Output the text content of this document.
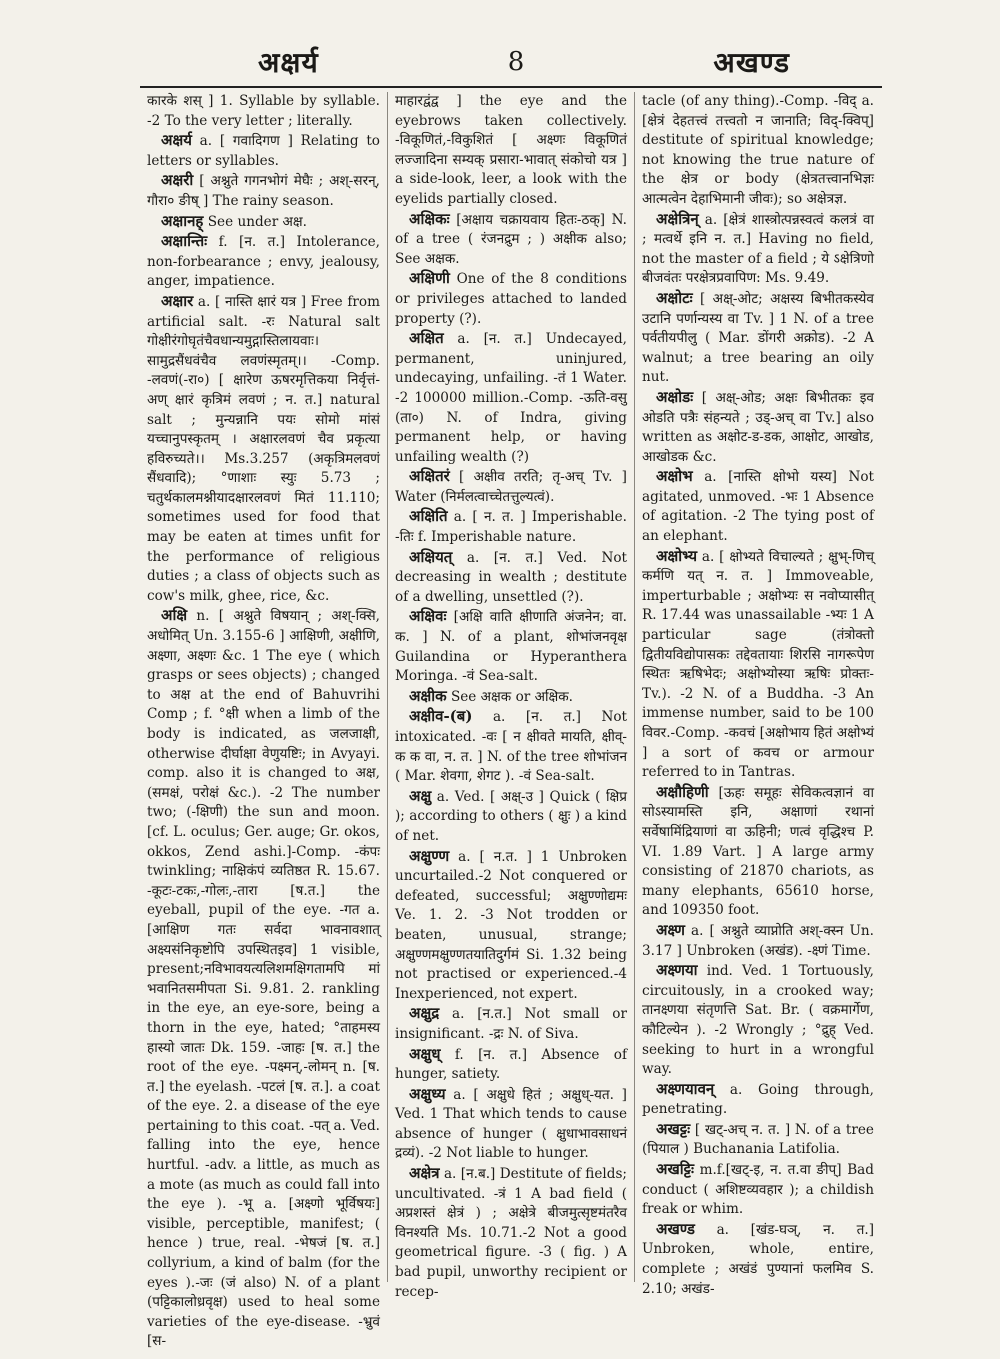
अक्षर्य	8	अखण्ड

कारके शस् ] 1. Syllable by syllable. -2 To the very letter ; literally.

अक्षर्य a. [ गवादिगण ] Relating to letters or syllables.

अक्षरी [ अश्नुते गगनभोगं मेघैः ; अश्-सरन्, गौरा० ङीष् ] The rainy season.

अक्षानह् See under अक्ष.

अक्षान्तिः f. [न. त.] Intolerance, non-forbearance ; envy, jealousy, anger, impatience.

अक्षार a. [ नास्ति क्षारं यत्र ] Free from artificial salt. -रः Natural salt गोक्षीरंगोघृतंचैवधान्यमुद्गास्तिलायवाः।सामुद्रसैंधवंचैव लवणंस्मृतम्।। -Comp. -लवणं(-रा०) [ क्षारेण ऊषरमृत्तिकया निर्वृत्तं-अण् क्षारं कृत्रिमं लवणं ; न. त.] natural salt ; मुन्यन्नानि पयः सोमो मांसं यच्चानुपस्कृतम् । अक्षारलवणं चैव प्रकृत्या हविरुच्यते।। Ms.3.257 (अकृत्रिमलवणं सैंधवादि); °णाशाः स्युः 5.73 ; चतुर्थकालमश्नीयादक्षारलवणं मितं 11.110; sometimes used for food that may be eaten at times unfit for the performance of religious duties ; a class of objects such as cow's milk, ghee, rice, &c.

अक्षि n. [ अश्नुते विषयान् ; अश्-क्सि, अधोमित् Un. 3.155-6 ] आक्षिणी, अक्षीणि, अक्ष्णा, अक्ष्णः &c. 1 The eye ( which grasps or sees objects) ; changed to अक्ष at the end of Bahuvrihi Comp ; f. °क्षी when a limb of the body is indicated, as जलजाक्षी, otherwise दीर्घाक्षा वेणुयष्टिः; in Avyayi. comp. also it is changed to अक्ष, (समक्षं, परोक्षं &c.). -2 The number two; (-क्षिणी) the sun and moon. [cf. L. oculus; Ger. auge; Gr. okos, okkos, Zend ashi.]-Comp. -कंपः twinkling; नाक्षिकंपं व्यतिष्ठत R. 15.67. -कूटः-टकः,-गोलः,-तारा [ष.त.] the eyeball, pupil of the eye. -गत a. [आक्षिण गतः सर्वदा भावनावशात् अक्ष्यसंनिकृष्टोपि उपस्थितइव] 1 visible, present;नविभावयत्यलिशमक्षिगतामपि मां भवानितसमीपता Si. 9.81. 2. rankling in the eye, an eye-sore, being a thorn in the eye, hated; °ताहमस्य हास्यो जातः Dk. 159. -जाहः [ष. त.] the root of the eye. -पक्ष्मन्,-लोमन् n. [ष. त.] the eyelash. -पटलं [ष. त.]. a coat of the eye. 2. a disease of the eye pertaining to this coat. -पत् a. Ved. falling into the eye, hence hurtful. -adv. a little, as much as a mote (as much as could fall into the eye ). -भू a. [अक्ष्णो भूर्विषयः] visible, perceptible, manifest; ( hence ) true, real. -भेषजं [ष. त.] collyrium, a kind of balm (for the eyes ).-जः (जं also) N. of a plant (पट्टिकालोध्रवृक्ष) used to heal some varieties of the eye-disease. -भ्रुवं [स-

माहारद्वंद्व ] the eye and the eyebrows taken collectively. -विकूणितं,-विकुशितं [ अक्ष्णः विकूणितं लज्जादिना सम्यक् प्रसारा-भावात् संकोचो यत्र ] a side-look, leer, a look with the eyelids partially closed.

अक्षिकः [अक्षाय चक्रायवाय हितः-ठक्] N. of a tree ( रंजनद्रुम ; ) अक्षीक also; See अक्षक.

अक्षिणी One of the 8 conditions or privileges attached to landed property (?).

अक्षित a. [न. त.] Undecayed, permanent, uninjured, undecaying, unfailing. -तं 1 Water. -2 100000 million.-Comp. -ऊति-वसु (ता०) N. of Indra, giving permanent help, or having unfailing wealth (?)

अक्षितरं [ अक्षीव तरति; तृ-अच् Tv. ] Water (निर्मलत्वाच्चेतत्तुल्यत्वं).

अक्षिति a. [ न. त. ] Imperishable. -तिः f. Imperishable nature.

अक्षियत् a. [न. त.] Ved. Not decreasing in wealth ; destitute of a dwelling, unsettled (?).

अक्षिवः [अक्षि वाति क्षीणाति अंजनेन; वा. क. ] N. of a plant, शोभांजनवृक्ष Guilandina or Hyperanthera Moringa. -वं Sea-salt.

अक्षीक See अक्षक or अक्षिक.

अक्षीव-(ब) a. [न. त.] Not intoxicated. -वः [ न क्षीवते मायति, क्षीव्-क क वा, न. त. ] N. of the tree शोभांजन ( Mar. शेवगा, शेगट ). -वं Sea-salt.

अक्षु a. Ved. [ अक्ष्-उ ] Quick ( क्षिप्र ); according to others ( क्षुः ) a kind of net.

अक्षुण्ण a. [ न.त. ] 1 Unbroken uncurtailed.-2 Not conquered or defeated, successful; अक्षुण्णोद्यमः Ve. 1. 2. -3 Not trodden or beaten, unusual, strange; अक्षुण्णमक्षुण्णतयातिदुर्गमं Si. 1.32 being not practised or experienced.-4 Inexperienced, not expert.

अक्षुद्र a. [न.त.] Not small or insignificant. -द्रः N. of Siva.

अक्षुध् f. [न. त.] Absence of hunger, satiety.

अक्षुध्य a. [ अक्षुधे हितं ; अक्षुध्-यत. ] Ved. 1 That which tends to cause absence of hunger ( क्षुधाभावसाधनं द्रव्यं). -2 Not liable to hunger.

अक्षेत्र a. [न.ब.] Destitute of fields; uncultivated. -त्रं 1 A bad field ( अप्रशस्तं क्षेत्रं ) ; अक्षेत्रे बीजमुत्सृष्टमंतरैव विनश्यति Ms. 10.71.-2 Not a good geometrical figure. -3 ( fig. ) A bad pupil, unworthy recipient or recep-

tacle (of any thing).-Comp. -विद् a. [क्षेत्रं देहतत्त्वं तत्त्वतो न जानाति; विद्-क्विप्] destitute of spiritual knowledge; not knowing the true nature of the क्षेत्र or body (क्षेत्रतत्त्वानभिज्ञः आत्मत्वेन देहाभिमानी जीवः); so अक्षेत्रज्ञ.

अक्षेत्रिन् a. [क्षेत्रं शास्त्रोत्पन्नस्वत्वं कलत्रं वा ; मत्वर्थे इनि न. त.] Having no field, not the master of a field ; ये ऽक्षेत्रिणो बीजवंतः परक्षेत्रप्रवापिण: Ms. 9.49.

अक्षोटः [ अक्ष्-ओट; अक्षस्य बिभीतकस्येव उटानि पर्णान्यस्य वा Tv. ] 1 N. of a tree पर्वतीयपीलु ( Mar. डोंगरी अक्रोड). -2 A walnut; a tree bearing an oily nut.

अक्षोडः [ अक्ष्-ओड; अक्षः बिभीतकः इव ओडति पत्रैः संहन्यते ; उड्-अच् वा Tv.] also written as अक्षोट-ड-डक, आक्षोट, आखोड, आखोडक &c.

अक्षोभ a. [नास्ति क्षोभो यस्य] Not agitated, unmoved. -भः 1 Absence of agitation. -2 The tying post of an elephant.

अक्षोभ्य a. [ क्षोभ्यते विचाल्यते ; क्षुभ्-णिच् कर्मणि यत् न. त. ] Immoveable, imperturbable ; अक्षोभ्यः स नवोप्यासीत् R. 17.44 was unassailable -भ्यः 1 A particular sage (तंत्रोक्तो द्वितीयविद्योपासकः तद्देवतायाः शिरसि नागरूपेण स्थितः ऋषिभेदः; अक्षोभ्योस्या ऋषिः प्रोक्तः-Tv.). -2 N. of a Buddha. -3 An immense number, said to be 100 विवर.-Comp. -कवचं [अक्षोभाय हितं अक्षोभ्यं ] a sort of कवच or armour referred to in Tantras.

अक्षौहिणी [ऊहः समूहः सेविकत्वज्ञानं वा सोऽस्यामस्ति इनि, अक्षाणां रथानां सर्वेषामिंद्रियाणां वा ऊहिनी; णत्वं वृद्धिश्च P. VI. 1.89 Vart. ] A large army consisting of 21870 chariots, as many elephants, 65610 horse, and 109350 foot.

अक्ष्ण a. [ अश्नुते व्याप्नोति अश्-क्स्न Un. 3.17 ] Unbroken (अखंड). -क्ष्णं Time.

अक्ष्णया ind. Ved. 1 Tortuously, circuitously, in a crooked way; तानक्ष्णया संतृणत्ति Sat. Br. ( वक्रमार्गेण, कौटिल्येन ). -2 Wrongly ; °द्रुह् Ved. seeking to hurt in a wrongful way.

अक्ष्णयावन् a. Going through, penetrating.

अखट्टः [ खट्-अच् न. त. ] N. of a tree (पियाल ) Buchanania Latifolia.

अखट्टिः m.f.[खट्-इ, न. त.वा ङीप्] Bad conduct ( अशिष्टव्यवहार ); a childish freak or whim.

अखण्ड a. [खंड-घञ्, न. त.] Unbroken, whole, entire, complete ; अखंडं पुण्यानां फलमिव S. 2.10; अखंड-
